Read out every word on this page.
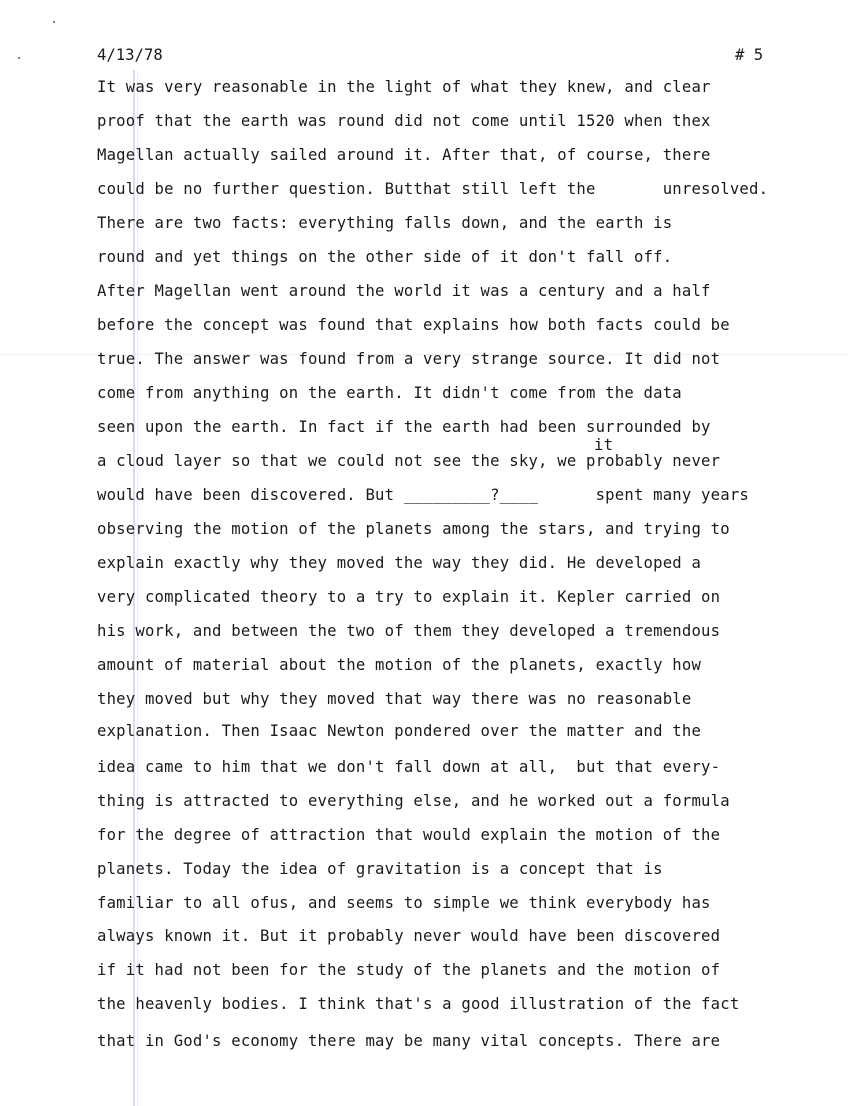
4/13/78	# 5
it
It was very reasonable in the light of what they knew, and clear
proof that the earth was round did not come until 1520 when thex
Magellan actually sailed around it. After that, of course, there
could be no further question. Butthat still left the       unresolved.
There are two facts: everything falls down, and the earth is
round and yet things on the other side of it don't fall off.
After Magellan went around the world it was a century and a half
before the concept was found that explains how both facts could be
true. The answer was found from a very strange source. It did not
come from anything on the earth. It didn't come from the data
seen upon the earth. In fact if the earth had been surrounded by
a cloud layer so that we could not see the sky, we probably never
would have been discovered. But _________?____      spent many years
observing the motion of the planets among the stars, and trying to
explain exactly why they moved the way they did. He developed a
very complicated theory to a try to explain it. Kepler carried on
his work, and between the two of them they developed a tremendous
amount of material about the motion of the planets, exactly how
they moved but why they moved that way there was no reasonable
explanation. Then Isaac Newton pondered over the matter and the
idea came to him that we don't fall down at all,  but that every-
thing is attracted to everything else, and he worked out a formula
for the degree of attraction that would explain the motion of the
planets. Today the idea of gravitation is a concept that is
familiar to all ofus, and seems to simple we think everybody has
always known it. But it probably never would have been discovered
if it had not been for the study of the planets and the motion of
the heavenly bodies. I think that's a good illustration of the fact
that in God's economy there may be many vital concepts. There are
